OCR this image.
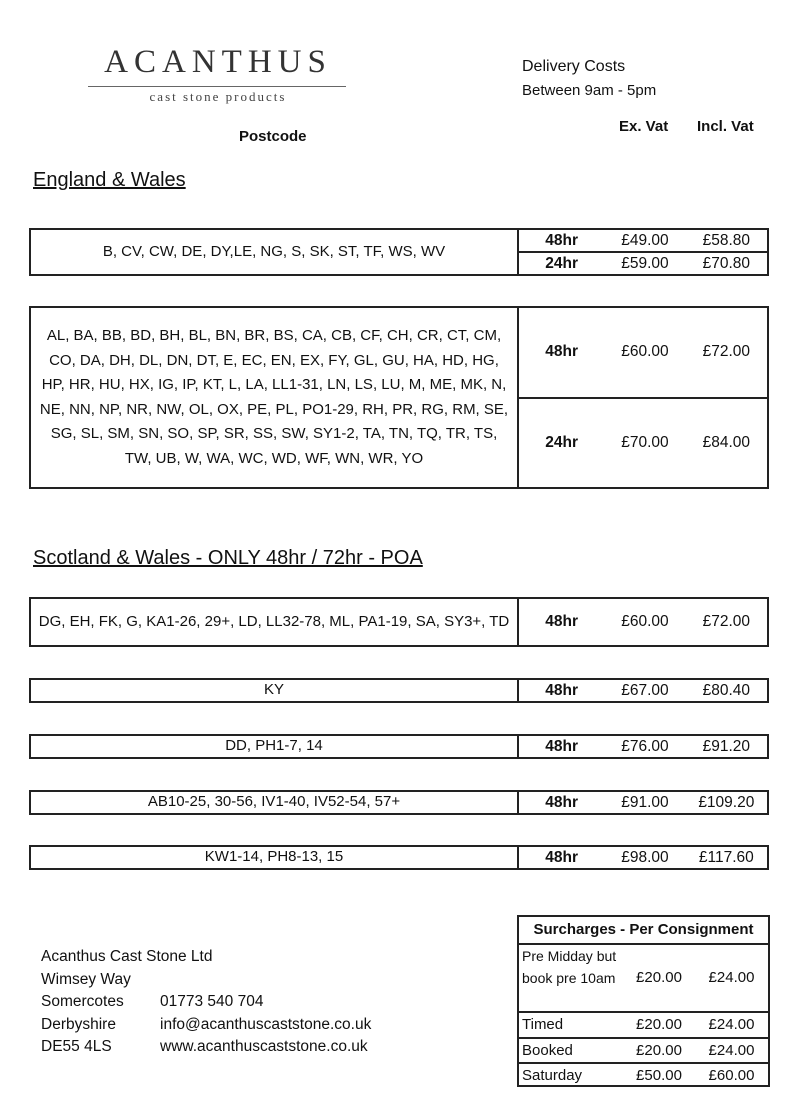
ACANTHUS
cast stone products
Delivery Costs
Between 9am - 5pm
Postcode
Ex. Vat Incl. Vat
England & Wales
B, CV, CW, DE, DY,LE, NG, S, SK, ST, TF, WS, WV
48hr	£49.00	£58.80
24hr	£59.00	£70.80
AL, BA, BB, BD, BH, BL, BN, BR, BS, CA, CB, CF, CH, CR, CT, CM, CO, DA, DH, DL, DN, DT, E, EC, EN, EX, FY, GL, GU, HA, HD, HG, HP, HR, HU, HX, IG, IP, KT, L, LA, LL1-31, LN, LS, LU, M, ME, MK, N, NE, NN, NP, NR, NW, OL, OX, PE, PL, PO1-29, RH, PR, RG, RM, SE, SG, SL, SM, SN, SO, SP, SR, SS, SW, SY1-2, TA, TN, TQ, TR, TS, TW, UB, W, WA, WC, WD, WF, WN, WR, YO
48hr	£60.00	£72.00
24hr	£70.00	£84.00
Scotland & Wales - ONLY 48hr / 72hr - POA
DG, EH, FK, G, KA1-26, 29+, LD, LL32-78, ML, PA1-19, SA, SY3+, TD	48hr	£60.00	£72.00
KY	48hr	£67.00	£80.40
DD, PH1-7, 14	48hr	£76.00	£91.20
AB10-25, 30-56, IV1-40, IV52-54, 57+	48hr	£91.00	£109.20
KW1-14, PH8-13, 15	48hr	£98.00	£117.60
Acanthus Cast Stone Ltd
Wimsey Way
Somercotes
Derbyshire
DE55 4LS
01773 540 704
info@acanthuscaststone.co.uk
www.acanthuscaststone.co.uk
Surcharges - Per Consignment
Pre Midday but book pre 10am	£20.00	£24.00
Timed	£20.00	£24.00
Booked	£20.00	£24.00
Saturday	£50.00	£60.00
